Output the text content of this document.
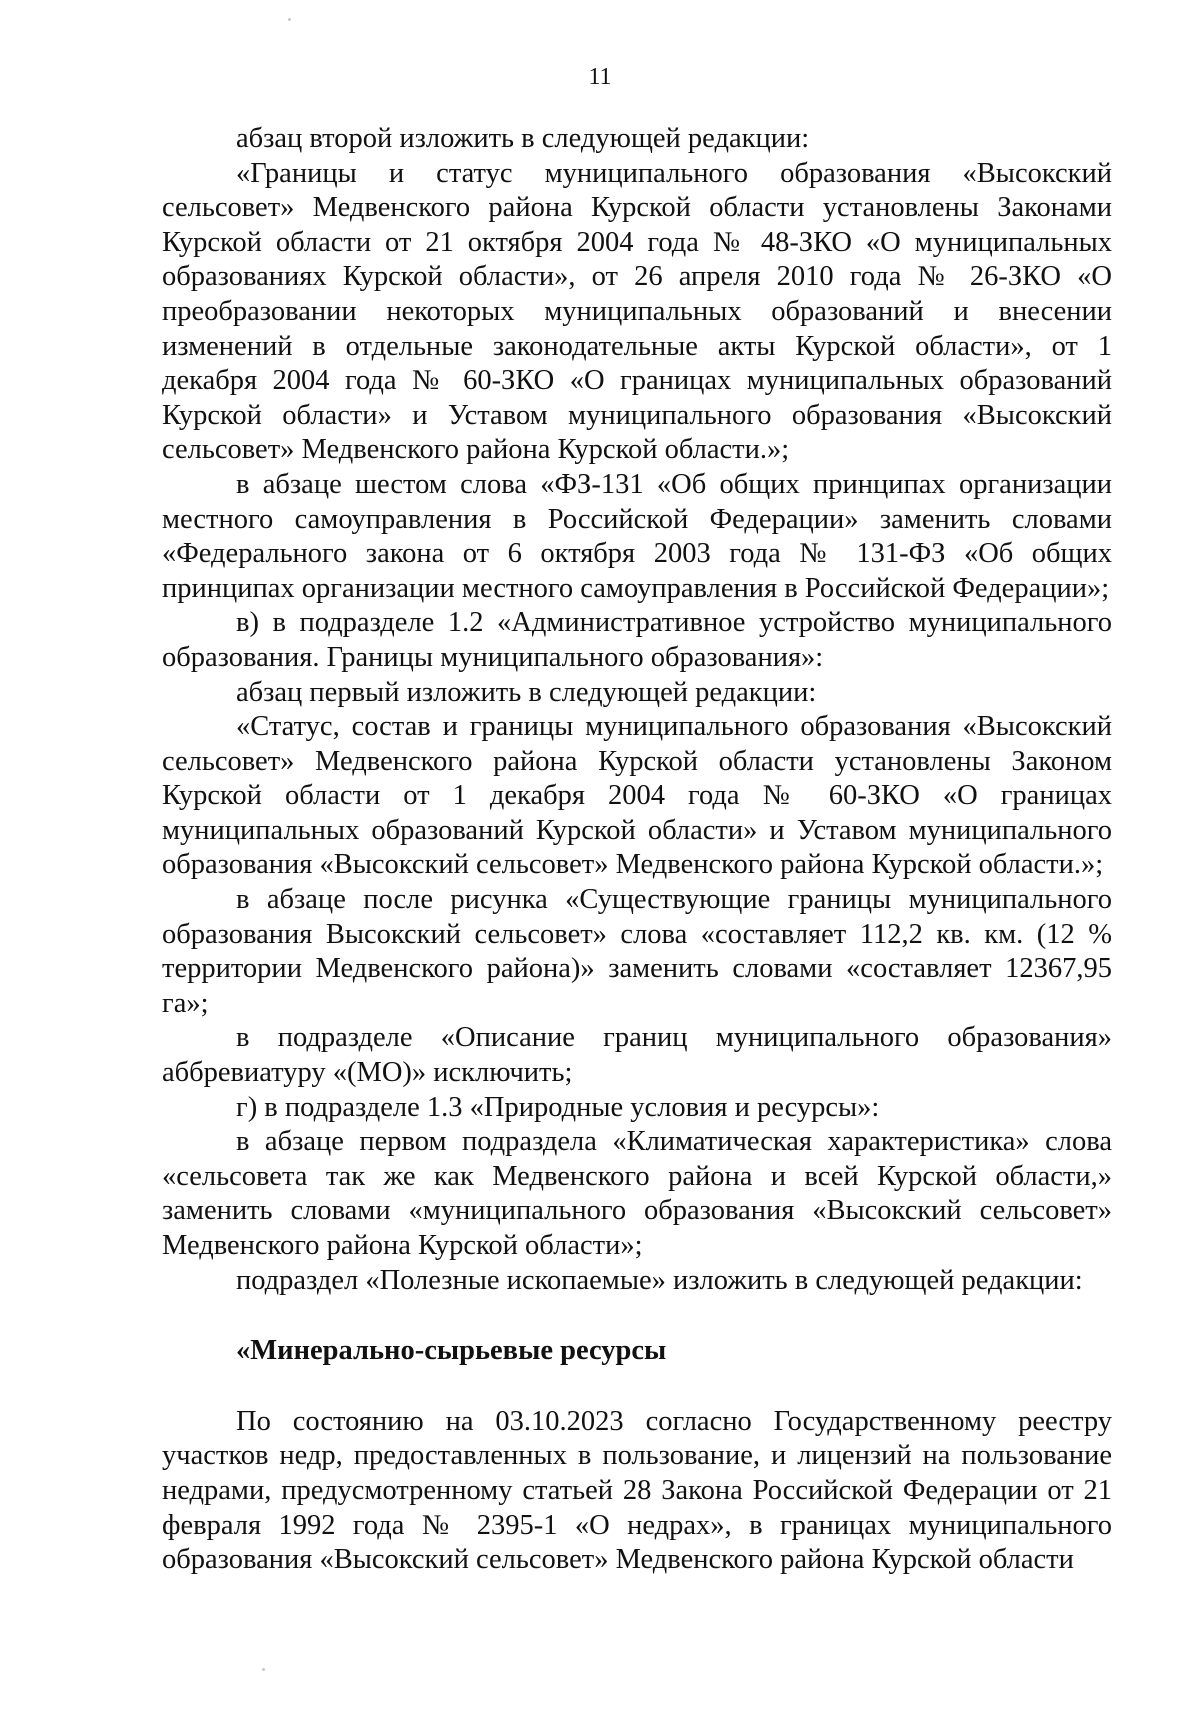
11

абзац второй изложить в следующей редакции:

«Границы и статус муниципального образования «Высокский сельсовет» Медвенского района Курской области установлены Законами Курской области от 21 октября 2004 года № 48-ЗКО «О муниципальных образованиях Курской области», от 26 апреля 2010 года № 26-ЗКО «О преобразовании некоторых муниципальных образований и внесении изменений в отдельные законодательные акты Курской области», от 1 декабря 2004 года № 60-ЗКО «О границах муниципальных образований Курской области» и Уставом муниципального образования «Высокский сельсовет» Медвенского района Курской области.»;

в абзаце шестом слова «ФЗ-131 «Об общих принципах организации местного самоуправления в Российской Федерации» заменить словами «Федерального закона от 6 октября 2003 года № 131-ФЗ «Об общих принципах организации местного самоуправления в Российской Федерации»;

в) в подразделе 1.2 «Административное устройство муниципального образования. Границы муниципального образования»:

абзац первый изложить в следующей редакции:

«Статус, состав и границы муниципального образования «Высокский сельсовет» Медвенского района Курской области установлены Законом Курской области от 1 декабря 2004 года № 60-ЗКО «О границах муниципальных образований Курской области» и Уставом муниципального образования «Высокский сельсовет» Медвенского района Курской области.»;

в абзаце после рисунка «Существующие границы муниципального образования Высокский сельсовет» слова «составляет 112,2 кв. км. (12 % территории Медвенского района)» заменить словами «составляет 12367,95 га»;

в подразделе «Описание границ муниципального образования» аббревиатуру «(МО)» исключить;

г) в подразделе 1.3 «Природные условия и ресурсы»:

в абзаце первом подраздела «Климатическая характеристика» слова «сельсовета так же как Медвенского района и всей Курской области,» заменить словами «муниципального образования «Высокский сельсовет» Медвенского района Курской области»;

подраздел «Полезные ископаемые» изложить в следующей редакции:

«Минерально-сырьевые ресурсы

По состоянию на 03.10.2023 согласно Государственному реестру участков недр, предоставленных в пользование, и лицензий на пользование недрами, предусмотренному статьей 28 Закона Российской Федерации от 21 февраля 1992 года № 2395-1 «О недрах», в границах муниципального образования «Высокский сельсовет» Медвенского района Курской области
